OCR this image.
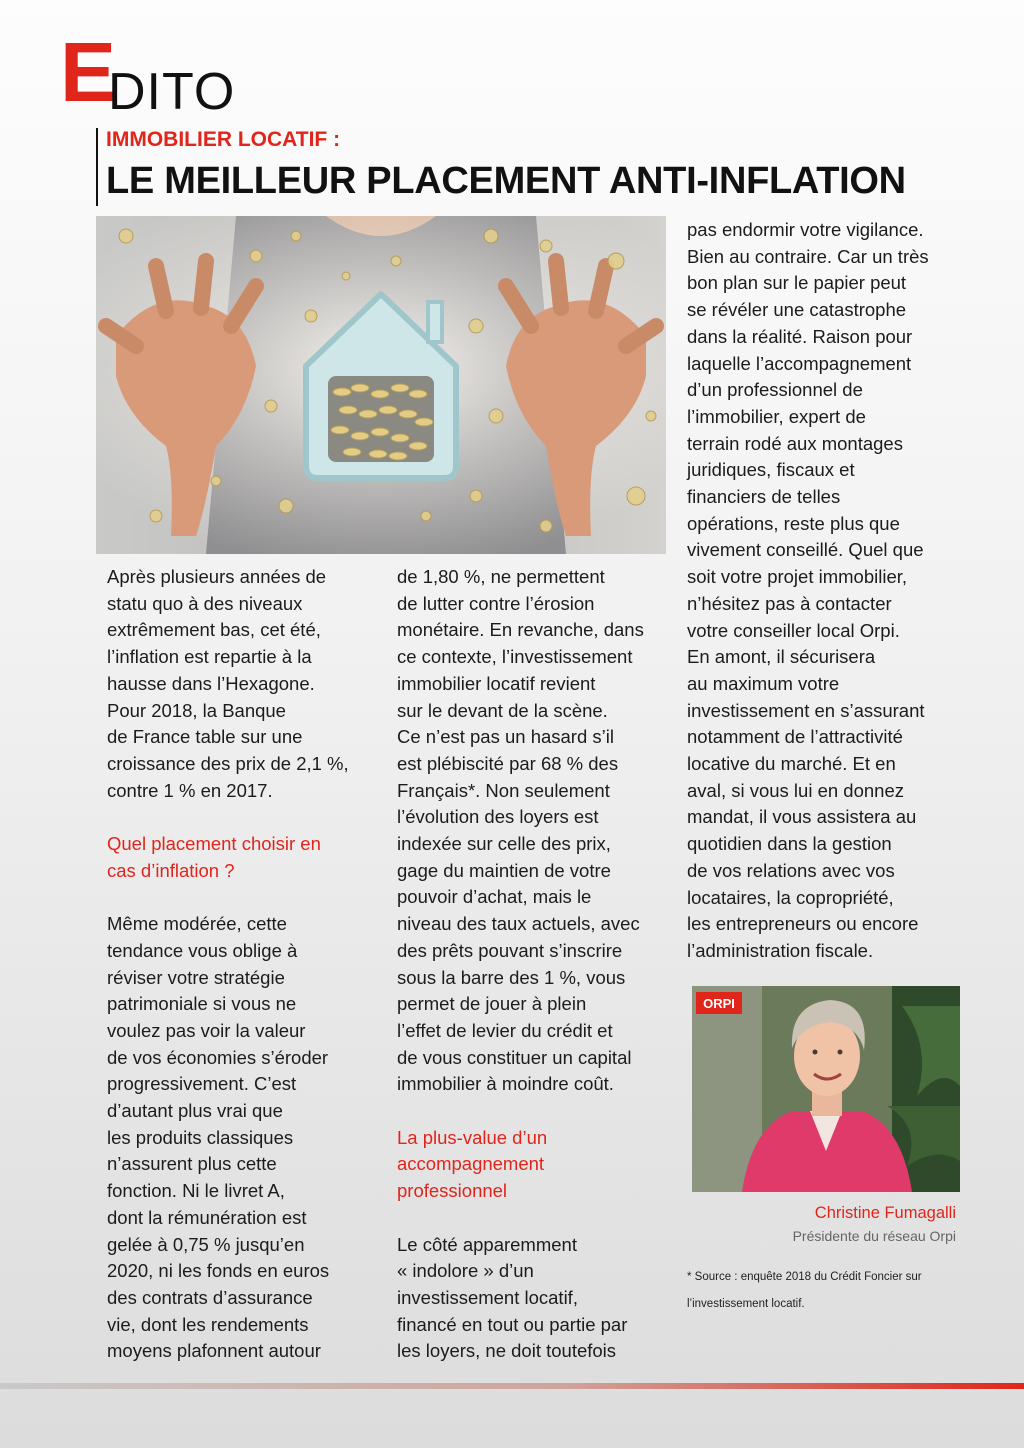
E
DITO
IMMOBILIER LOCATIF :
LE MEILLEUR PLACEMENT ANTI-INFLATION

Après plusieurs années de

statu quo à des niveaux

extrêmement bas, cet été,

l’inflation est repartie à la

hausse dans l’Hexagone.

Pour 2018, la Banque

de France table sur une

croissance des prix de 2,1 %,

contre 1 % en 2017.

Quel placement choisir en

cas d’inflation ?

Même modérée, cette

tendance vous oblige à

réviser votre stratégie

patrimoniale si vous ne

voulez pas voir la valeur

de vos économies s’éroder

progressivement. C’est

d’autant plus vrai que

les produits classiques

n’assurent plus cette

fonction. Ni le livret A,

dont la rémunération est

gelée à 0,75 % jusqu’en

2020, ni les fonds en euros

des contrats d’assurance

vie, dont les rendements

moyens plafonnent autour

de 1,80 %, ne permettent

de lutter contre l’érosion

monétaire. En revanche, dans

ce contexte, l’investissement

immobilier locatif revient

sur le devant de la scène.

Ce n’est pas un hasard s’il

est plébiscité par 68 % des

Français*. Non seulement

l’évolution des loyers est

indexée sur celle des prix,

gage du maintien de votre

pouvoir d’achat, mais le

niveau des taux actuels, avec

des prêts pouvant s’inscrire

sous la barre des 1 %, vous

permet de jouer à plein

l’effet de levier du crédit et

de vous constituer un capital

immobilier à moindre coût.

La plus-value d’un

accompagnement

professionnel

Le côté apparemment

« indolore » d’un

investissement locatif,

financé en tout ou partie par

les loyers, ne doit toutefois

pas endormir votre vigilance.

Bien au contraire. Car un très

bon plan sur le papier peut

se révéler une catastrophe

dans la réalité. Raison pour

laquelle l’accompagnement

d’un professionnel de

l’immobilier, expert de

terrain rodé aux montages

juridiques, fiscaux et

financiers de telles

opérations, reste plus que

vivement conseillé. Quel que

soit votre projet immobilier,

n’hésitez pas à contacter

votre conseiller local Orpi.

En amont, il sécurisera

au maximum votre

investissement en s’assurant

notamment de l’attractivité

locative du marché. Et en

aval, si vous lui en donnez

mandat, il vous assistera au

quotidien dans la gestion

de vos relations avec vos

locataires, la copropriété,

les entrepreneurs ou encore

l’administration fiscale.

ORPI
Christine Fumagalli
Présidente du réseau Orpi
* Source : enquête 2018 du Crédit Foncier sur
l’investissement locatif.
